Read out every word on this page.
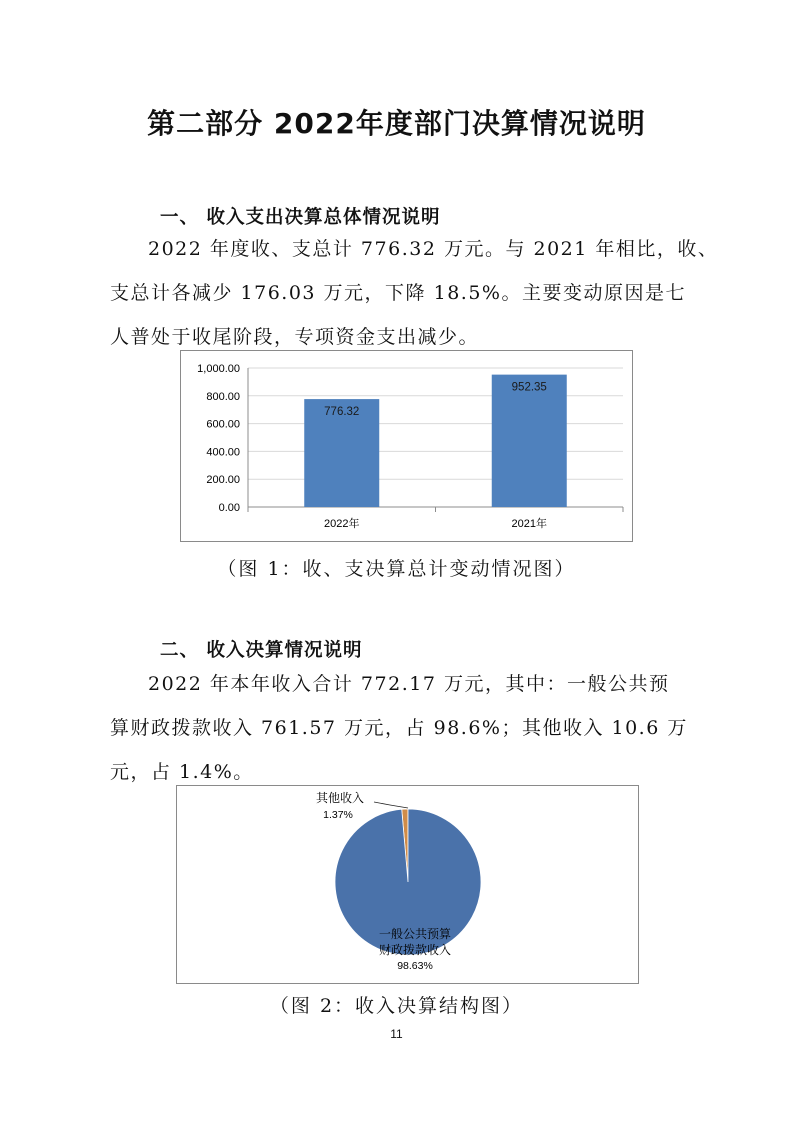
第二部分 2022年度部门决算情况说明
一、 收入支出决算总体情况说明
2022 年度收、支总计 776.32 万元。与 2021 年相比，收、
支总计各减少 176.03 万元，下降 18.5%。主要变动原因是七
人普处于收尾阶段，专项资金支出减少。
0.00
200.00
400.00
600.00
800.00
1,000.00
776.32
2022年
952.35
2021年
（图 1：收、支决算总计变动情况图）
二、 收入决算情况说明
2022 年本年收入合计 772.17 万元，其中：一般公共预
算财政拨款收入 761.57 万元，占 98.6%；其他收入 10.6 万
元，占 1.4%。
其他收入
1.37%
一般公共预算
财政拨款收入
98.63%
（图 2：收入决算结构图）
11
